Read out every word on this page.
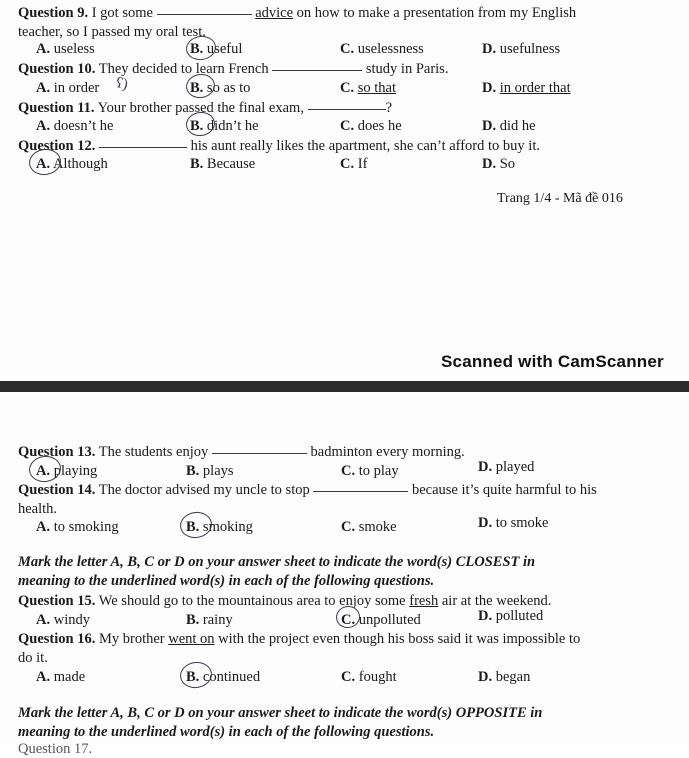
Question 9. I got some	advice on how to make a presentation from my English
teacher, so I passed my oral test.
A. useless	B. useful	C. uselessness	D. usefulness
Question 10. They decided to learn French	study in Paris.
A. in order ʕ)	B. so as to	C. so that	D. in order that
Question 11. Your brother passed the final exam,	?
A. doesn’t he	B. didn’t he	C. does he	D. did he
Question 12.	his aunt really likes the apartment, she can’t afford to buy it.
A. Although	B. Because	C. If	D. So
Trang 1/4 - Mã đề 016
Scanned with CamScanner
Question 13. The students enjoy	badminton every morning.
A. playing	B. plays	C. to play	D. played
Question 14. The doctor advised my uncle to stop	because it’s quite harmful to his
health.
A. to smoking	B. smoking	C. smoke	D. to smoke
Mark the letter A, B, C or D on your answer sheet to indicate the word(s) CLOSEST in
meaning to the underlined word(s) in each of the following questions.
Question 15. We should go to the mountainous area to enjoy some fresh air at the weekend.
A. windy	B. rainy	C. unpolluted	D. polluted
Question 16. My brother went on with the project even though his boss said it was impossible to
do it.
A. made	B. continued	C. fought	D. began
Mark the letter A, B, C or D on your answer sheet to indicate the word(s) OPPOSITE in
meaning to the underlined word(s) in each of the following questions.
Question 17.
